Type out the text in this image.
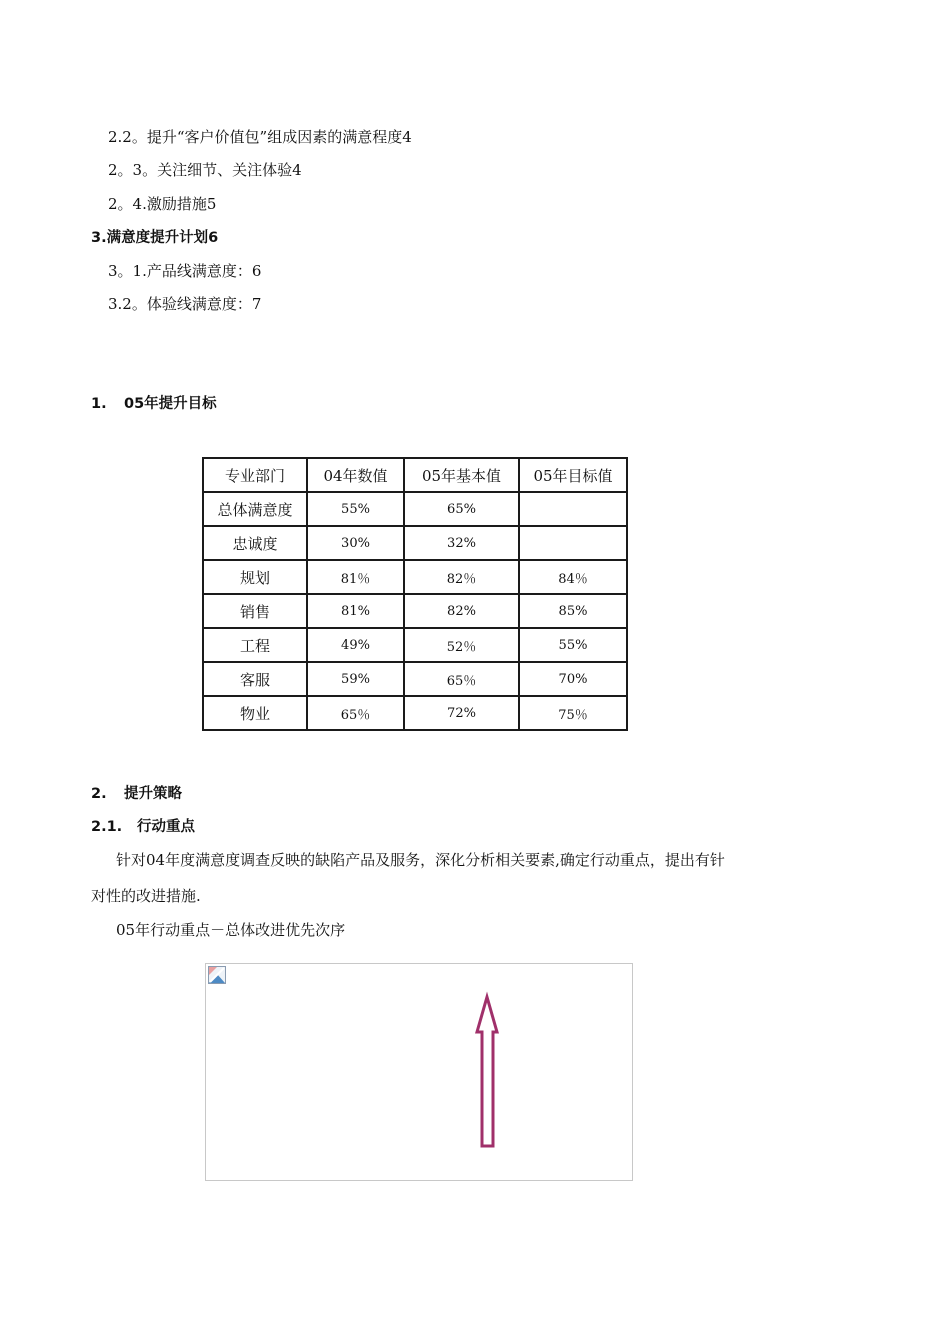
2.2。提升“客户价值包”组成因素的满意程度4
2。3。关注细节、关注体验4
2。4.激励措施5
3.满意度提升计划6
3。1.产品线满意度：6
3.2。体验线满意度：7
1. 05年提升目标
专业部门	04年数值	05年基本值	05年目标值
总体满意度	55%	65%	
忠诚度	30%	32%	
规划	81％	82％	84％
销售	81%	82%	85%
工程	49%	52％	55%
客服	59%	65％	70%
物业	65％	72%	75％
2. 提升策略
2.1. 行动重点
针对04年度满意度调查反映的缺陷产品及服务，深化分析相关要素,确定行动重点，提出有针
对性的改进措施.
05年行动重点－总体改进优先次序
